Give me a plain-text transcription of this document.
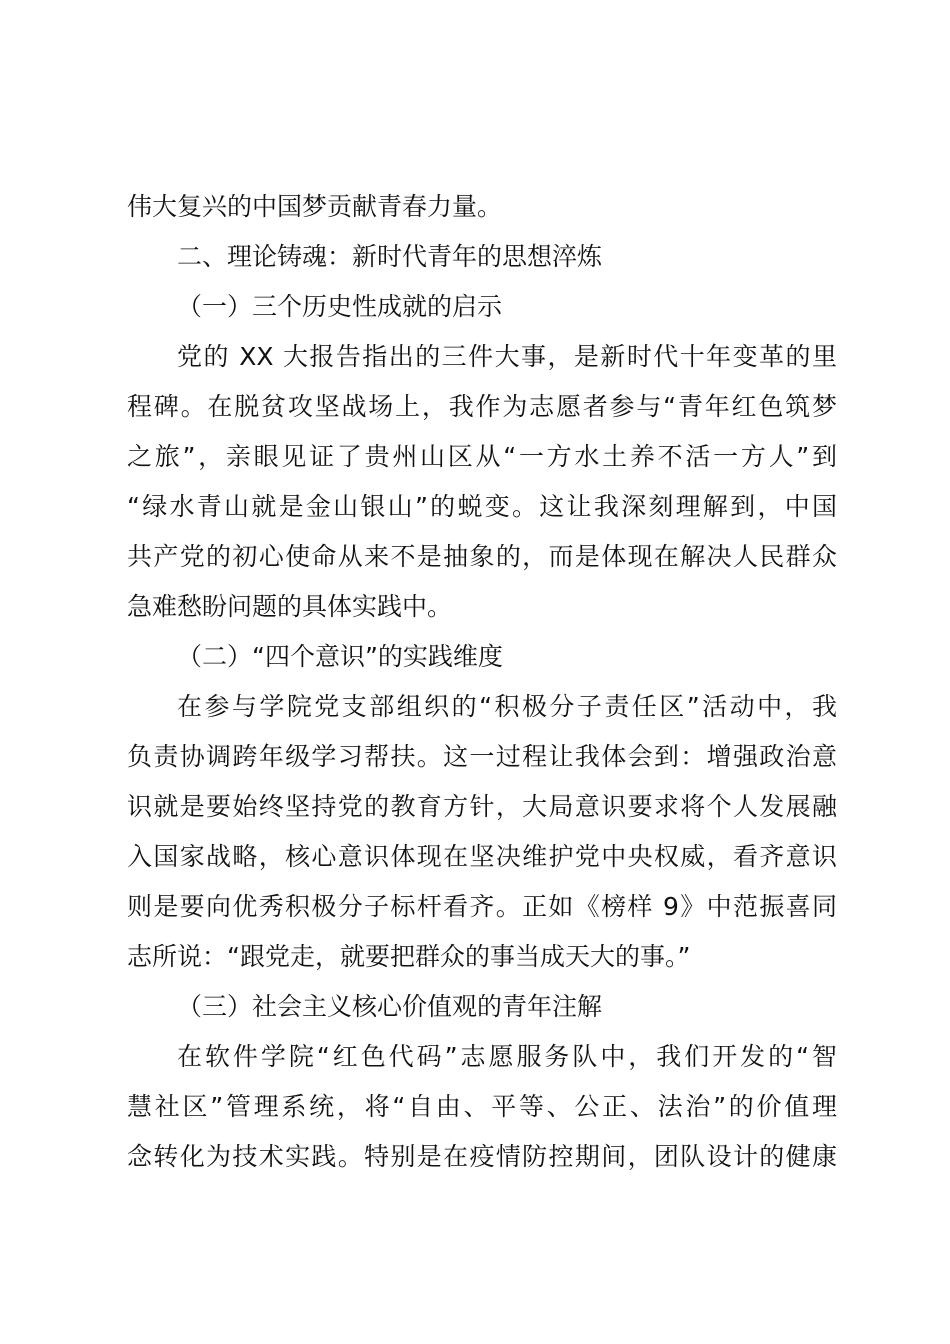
伟大复兴的中国梦贡献青春力量。
二、理论铸魂：新时代青年的思想淬炼
（一）三个历史性成就的启示
党的 XX 大报告指出的三件大事，是新时代十年变革的里
程碑。在脱贫攻坚战场上，我作为志愿者参与“青年红色筑梦
之旅”，亲眼见证了贵州山区从“一方水土养不活一方人”到
“绿水青山就是金山银山”的蜕变。这让我深刻理解到，中国
共产党的初心使命从来不是抽象的，而是体现在解决人民群众
急难愁盼问题的具体实践中。
（二）“四个意识”的实践维度
在参与学院党支部组织的“积极分子责任区”活动中，我
负责协调跨年级学习帮扶。这一过程让我体会到：增强政治意
识就是要始终坚持党的教育方针，大局意识要求将个人发展融
入国家战略，核心意识体现在坚决维护党中央权威，看齐意识
则是要向优秀积极分子标杆看齐。正如《榜样 9》中范振喜同
志所说：“跟党走，就要把群众的事当成天大的事。”
（三）社会主义核心价值观的青年注解
在软件学院“红色代码”志愿服务队中，我们开发的“智
慧社区”管理系统，将“自由、平等、公正、法治”的价值理
念转化为技术实践。特别是在疫情防控期间，团队设计的健康
